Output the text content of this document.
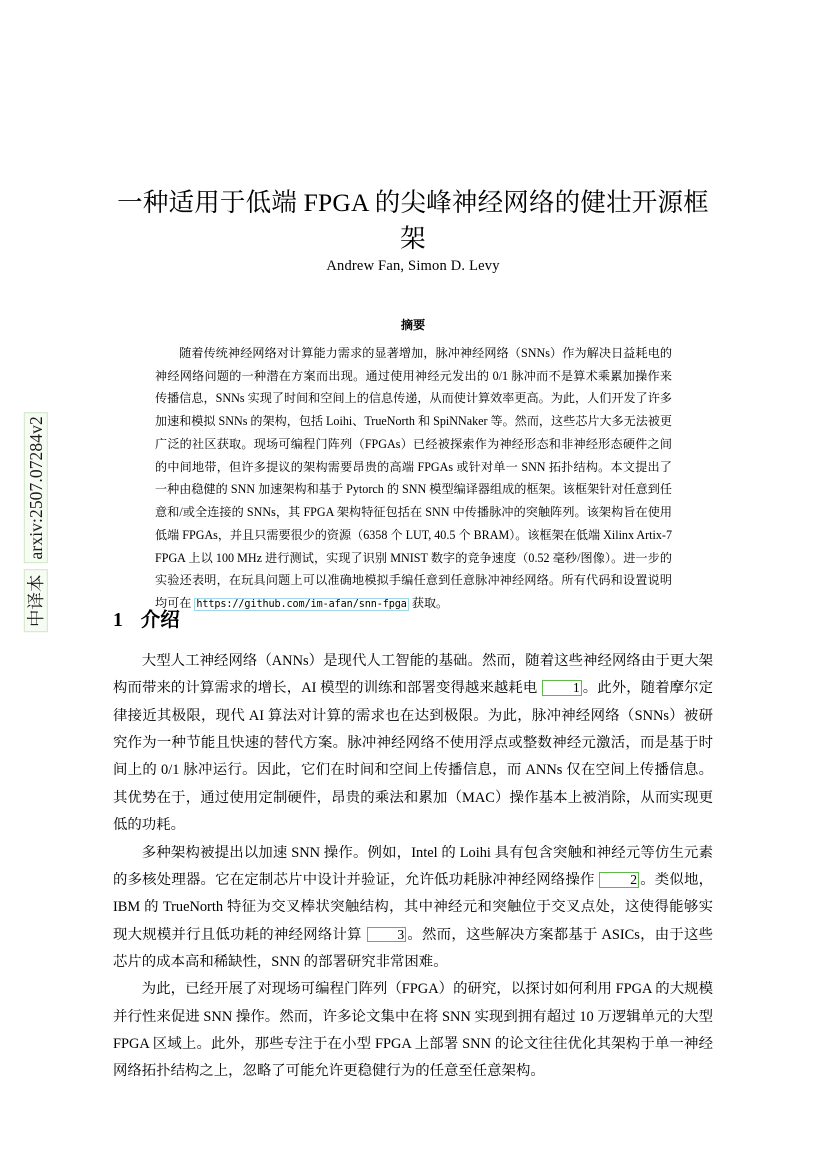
arxiv:2507.07284v2
中译本
一种适用于低端 FPGA 的尖峰神经网络的健壮开源框架
Andrew Fan, Simon D. Levy
摘要
随着传统神经网络对计算能力需求的显著增加，脉冲神经网络（SNNs）作为解决日益耗电的神经网络问题的一种潜在方案而出现。通过使用神经元发出的 0/1 脉冲而不是算术乘累加操作来传播信息，SNNs 实现了时间和空间上的信息传递，从而使计算效率更高。为此，人们开发了许多加速和模拟 SNNs 的架构，包括 Loihi、TrueNorth 和 SpiNNaker 等。然而，这些芯片大多无法被更广泛的社区获取。现场可编程门阵列（FPGAs）已经被探索作为神经形态和非神经形态硬件之间的中间地带，但许多提议的架构需要昂贵的高端 FPGAs 或针对单一 SNN 拓扑结构。本文提出了一种由稳健的 SNN 加速架构和基于 Pytorch 的 SNN 模型编译器组成的框架。该框架针对任意到任意和/或全连接的 SNNs，其 FPGA 架构特征包括在 SNN 中传播脉冲的突触阵列。该架构旨在使用低端 FPGAs，并且只需要很少的资源（6358 个 LUT, 40.5 个 BRAM）。该框架在低端 Xilinx Artix-7 FPGA 上以 100 MHz 进行测试，实现了识别 MNIST 数字的竞争速度（0.52 毫秒/图像）。进一步的实验还表明，在玩具问题上可以准确地模拟手编任意到任意脉冲神经网络。所有代码和设置说明均可在 https://github.com/im-afan/snn-fpga 获取。
1 介绍

大型人工神经网络（ANNs）是现代人工智能的基础。然而，随着这些神经网络由于更大架构而带来的计算需求的增长，AI 模型的训练和部署变得越来越耗电 1 。此外，随着摩尔定律接近其极限，现代 AI 算法对计算的需求也在达到极限。为此，脉冲神经网络（SNNs）被研究作为一种节能且快速的替代方案。脉冲神经网络不使用浮点或整数神经元激活，而是基于时间上的 0/1 脉冲运行。因此，它们在时间和空间上传播信息，而 ANNs 仅在空间上传播信息。其优势在于，通过使用定制硬件，昂贵的乘法和累加（MAC）操作基本上被消除，从而实现更低的功耗。

多种架构被提出以加速 SNN 操作。例如，Intel 的 Loihi 具有包含突触和神经元等仿生元素的多核处理器。它在定制芯片中设计并验证，允许低功耗脉冲神经网络操作 2 。类似地，IBM 的 TrueNorth 特征为交叉棒状突触结构，其中神经元和突触位于交叉点处，这使得能够实现大规模并行且低功耗的神经网络计算 3 。然而，这些解决方案都基于 ASICs，由于这些芯片的成本高和稀缺性，SNN 的部署研究非常困难。

为此，已经开展了对现场可编程门阵列（FPGA）的研究，以探讨如何利用 FPGA 的大规模并行性来促进 SNN 操作。然而，许多论文集中在将 SNN 实现到拥有超过 10 万逻辑单元的大型 FPGA 区域上。此外，那些专注于在小型 FPGA 上部署 SNN 的论文往往优化其架构于单一神经网络拓扑结构之上，忽略了可能允许更稳健行为的任意至任意架构。
